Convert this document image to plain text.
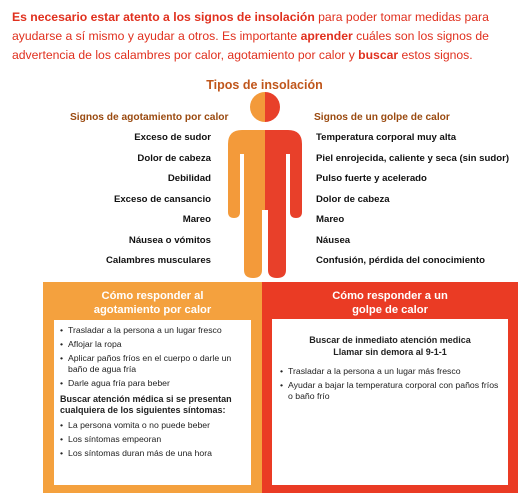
Es necesario estar atento a los signos de insolación para poder tomar medidas para ayudarse a sí mismo y ayudar a otros. Es importante aprender cuáles son los signos de advertencia de los calambres por calor, agotamiento por calor y buscar estos signos.
Tipos de insolación
Signos de agotamiento por calor	Signos de un golpe de calor
Exceso de sudor
Dolor de cabeza
Debilidad
Exceso de cansancio
Mareo
Náusea o vómitos
Calambres musculares
Temperatura corporal muy alta
Piel enrojecida, caliente y seca (sin sudor)
Pulso fuerte y acelerado
Dolor de cabeza
Mareo
Náusea
Confusión, pérdida del conocimiento
Cómo responder al
agotamiento por calor
• Trasladar a la persona a un lugar fresco
• Aflojar la ropa
• Aplicar paños fríos en el cuerpo o darle un baño de agua fría
• Darle agua fría para beber
Buscar atención médica si se presentan cualquiera de los siguientes síntomas:
• La persona vomita o no puede beber
• Los síntomas empeoran
• Los síntomas duran más de una hora
Cómo responder a un
golpe de calor
Buscar de inmediato atención medica
Llamar sin demora al 9-1-1
• Trasladar a la persona a un lugar más fresco
• Ayudar a bajar la temperatura corporal con paños fríos o baño frío
